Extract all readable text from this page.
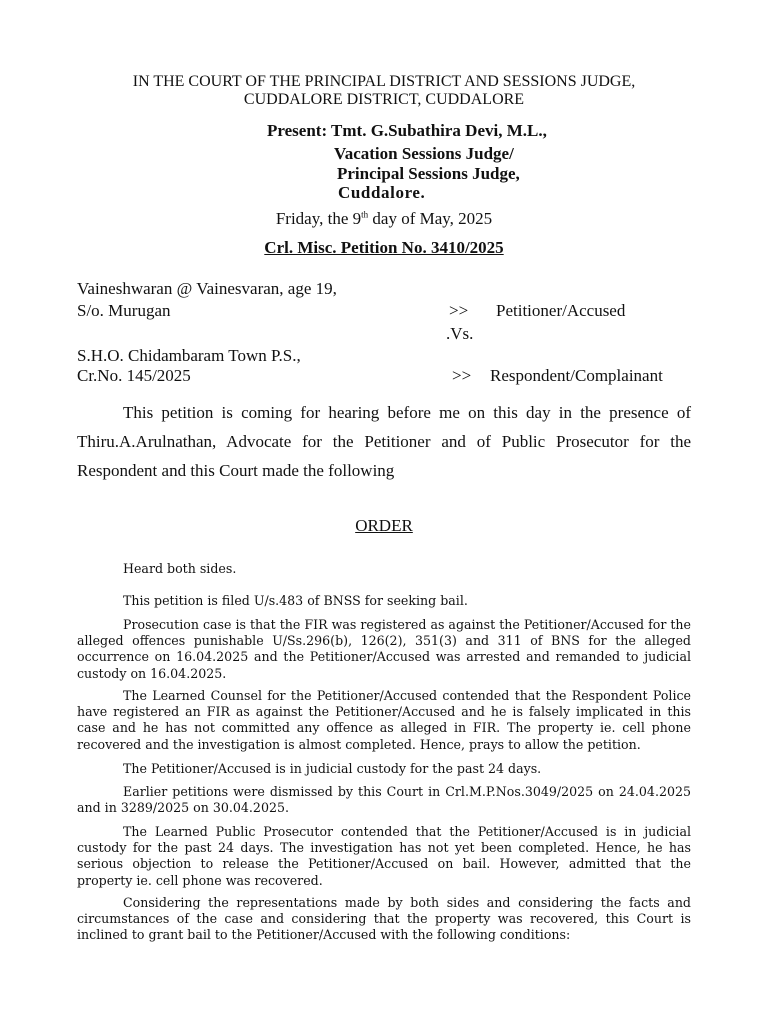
IN THE COURT OF THE PRINCIPAL DISTRICT AND SESSIONS JUDGE,
CUDDALORE DISTRICT, CUDDALORE
Present: Tmt. G.Subathira Devi, M.L.,
Vacation Sessions Judge/
Principal Sessions Judge,
Cuddalore.
Friday, the 9th day of May, 2025
Crl. Misc. Petition No. 3410/2025
Vaineshwaran @ Vainesvaran, age 19,
S/o. Murugan	>> Petitioner/Accused
.Vs.
S.H.O. Chidambaram Town P.S.,
Cr.No. 145/2025	>> Respondent/Complainant
This petition is coming for hearing before me on this day in the presence of Thiru.A.Arulnathan, Advocate for the Petitioner and of Public Prosecutor for the Respondent and this Court made the following
ORDER
Heard both sides.
This petition is filed U/s.483 of BNSS for seeking bail.
Prosecution case is that the FIR was registered as against the Petitioner/Accused for the alleged offences punishable U/Ss.296(b), 126(2), 351(3) and 311 of BNS for the alleged occurrence on 16.04.2025 and the Petitioner/Accused was arrested and remanded to judicial custody on 16.04.2025.
The Learned Counsel for the Petitioner/Accused contended that the Respondent Police have registered an FIR as against the Petitioner/Accused and he is falsely implicated in this case and he has not committed any offence as alleged in FIR. The property ie. cell phone recovered and the investigation is almost completed. Hence, prays to allow the petition.
The Petitioner/Accused is in judicial custody for the past 24 days.
Earlier petitions were dismissed by this Court in Crl.M.P.Nos.3049/2025 on 24.04.2025 and in 3289/2025 on 30.04.2025.
The Learned Public Prosecutor contended that the Petitioner/Accused is in judicial custody for the past 24 days. The investigation has not yet been completed. Hence, he has serious objection to release the Petitioner/Accused on bail. However, admitted that the property ie. cell phone was recovered.
Considering the representations made by both sides and considering the facts and circumstances of the case and considering that the property was recovered, this Court is inclined to grant bail to the Petitioner/Accused with the following conditions:
